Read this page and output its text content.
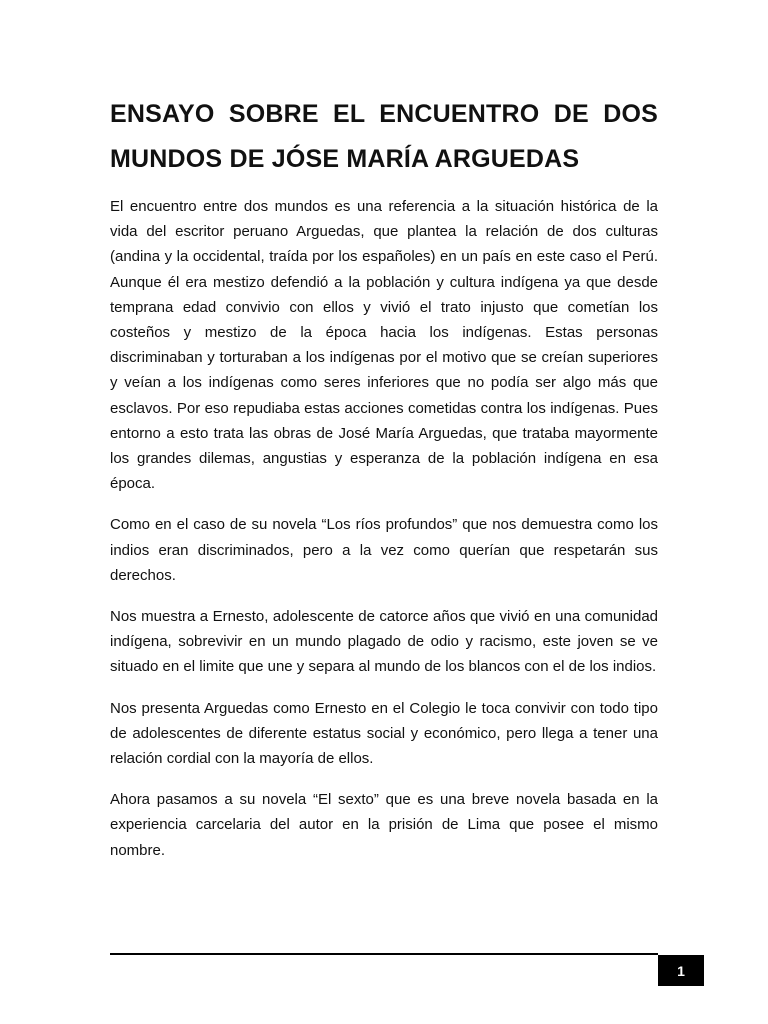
ENSAYO SOBRE EL ENCUENTRO DE DOS MUNDOS DE JÓSE MARÍA ARGUEDAS

El encuentro entre dos mundos es una referencia a la situación histórica de la vida del escritor peruano Arguedas, que plantea la relación de dos culturas (andina y la occidental, traída por los españoles) en un país en este caso el Perú. Aunque él era mestizo defendió a la población y cultura indígena ya que desde temprana edad convivio con ellos y vivió el trato injusto que cometían los costeños y mestizo de la época hacia los indígenas. Estas personas discriminaban y torturaban a los indígenas por el motivo que se creían superiores y veían a los indígenas como seres inferiores que no podía ser algo más que esclavos. Por eso repudiaba estas acciones cometidas contra los indígenas. Pues entorno a esto trata las obras de José María Arguedas, que trataba mayormente los grandes dilemas, angustias y esperanza de la población indígena en esa época.

Como en el caso de su novela “Los ríos profundos” que nos demuestra como los indios eran discriminados, pero a la vez como querían que respetarán sus derechos.

Nos muestra a Ernesto, adolescente de catorce años que vivió en una comunidad indígena, sobrevivir en un mundo plagado de odio y racismo, este joven se ve situado en el limite que une y separa al mundo de los blancos con el de los indios.

Nos presenta Arguedas como Ernesto en el Colegio le toca convivir con todo tipo de adolescentes de diferente estatus social y económico, pero llega a tener una relación cordial con la mayoría de ellos.

Ahora pasamos a su novela “El sexto” que es una breve novela basada en la experiencia carcelaria del autor en la prisión de Lima que posee el mismo nombre.

1
